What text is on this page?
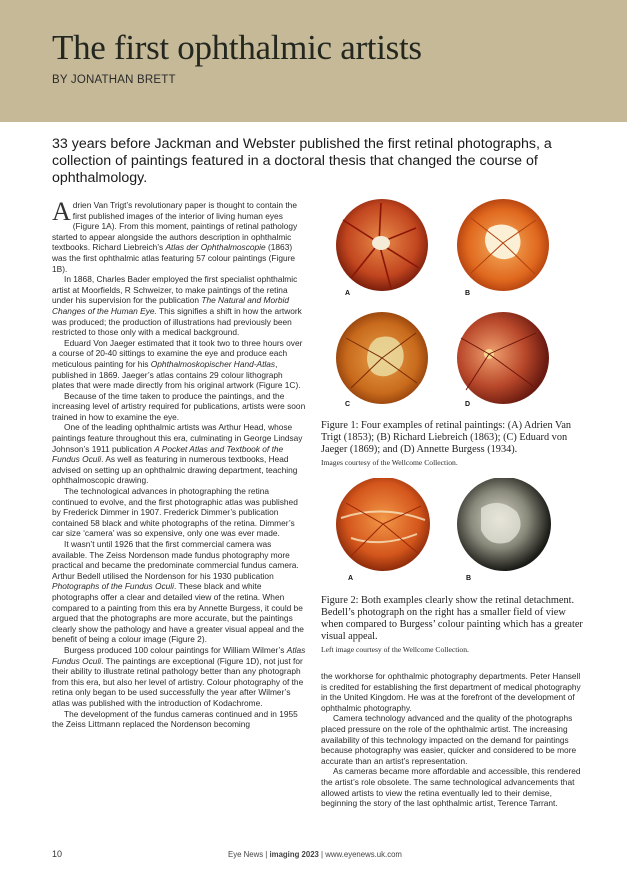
The first ophthalmic artists
BY JONATHAN BRETT

33 years before Jackman and Webster published the first retinal photographs, a collection of paintings featured in a doctoral thesis that changed the course of ophthalmology.

Adrien Van Trigt’s revolutionary paper is thought to contain the first published images of the interior of living human eyes (Figure 1A). From this moment, paintings of retinal pathology started to appear alongside the authors description in ophthalmic textbooks. Richard Liebreich’s Atlas der Ophthalmoscopie (1863) was the first ophthalmic atlas featuring 57 colour paintings (Figure 1B).

In 1868, Charles Bader employed the first specialist ophthalmic artist at Moorfields, R Schweizer, to make paintings of the retina under his supervision for the publication The Natural and Morbid Changes of the Human Eye. This signifies a shift in how the artwork was produced; the production of illustrations had previously been restricted to those only with a medical background.

Eduard Von Jaeger estimated that it took two to three hours over a course of 20-40 sittings to examine the eye and produce each meticulous painting for his Ophthalmoskopischer Hand-Atlas, published in 1869. Jaeger’s atlas contains 29 colour lithograph plates that were made directly from his original artwork (Figure 1C).

Because of the time taken to produce the paintings, and the increasing level of artistry required for publications, artists were soon trained in how to examine the eye.

One of the leading ophthalmic artists was Arthur Head, whose paintings feature throughout this era, culminating in George Lindsay Johnson’s 1911 publication A Pocket Atlas and Textbook of the Fundus Oculi. As well as featuring in numerous textbooks, Head advised on setting up an ophthalmic drawing department, teaching ophthalmoscopic drawing.

The technological advances in photographing the retina continued to evolve, and the first photographic atlas was published by Frederick Dimmer in 1907. Frederick Dimmer’s publication contained 58 black and white photographs of the retina. Dimmer’s car size ‘camera’ was so expensive, only one was ever made.

It wasn’t until 1926 that the first commercial camera was available. The Zeiss Nordenson made fundus photography more practical and became the predominate commercial fundus camera. Arthur Bedell utilised the Nordenson for his 1930 publication Photographs of the Fundus Oculi. These black and white photographs offer a clear and detailed view of the retina. When compared to a painting from this era by Annette Burgess, it could be argued that the photographs are more accurate, but the paintings clearly show the pathology and have a greater visual appeal and the benefit of being a colour image (Figure 2).

Burgess produced 100 colour paintings for William Wilmer’s Atlas Fundus Oculi. The paintings are exceptional (Figure 1D), not just for their ability to illustrate retinal pathology better than any photograph from this era, but also her level of artistry. Colour photography of the retina only began to be used successfully the year after Wilmer’s atlas was published with the introduction of Kodachrome.

The development of the fundus cameras continued and in 1955 the Zeiss Littmann replaced the Nordenson becoming

A	B
C	D
Figure 1: Four examples of retinal paintings: (A) Adrien Van Trigt (1853); (B) Richard Liebreich (1863); (C) Eduard von Jaeger (1869); and (D) Annette Burgess (1934).
Images courtesy of the Wellcome Collection.
A	B
Figure 2: Both examples clearly show the retinal detachment. Bedell’s photograph on the right has a smaller field of view when compared to Burgess’ colour painting which has a greater visual appeal.
Left image courtesy of the Wellcome Collection.

the workhorse for ophthalmic photography departments. Peter Hansell is credited for establishing the first department of medical photography in the United Kingdom. He was at the forefront of the development of ophthalmic photography.

Camera technology advanced and the quality of the photographs placed pressure on the role of the ophthalmic artist. The increasing availability of this technology impacted on the demand for paintings because photography was easier, quicker and considered to be more accurate than an artist’s representation.

As cameras became more affordable and accessible, this rendered the artist’s role obsolete. The same technological advancements that allowed artists to view the retina eventually led to their demise, beginning the story of the last ophthalmic artist, Terence Tarrant.

10	Eye News | imaging 2023 | www.eyenews.uk.com
